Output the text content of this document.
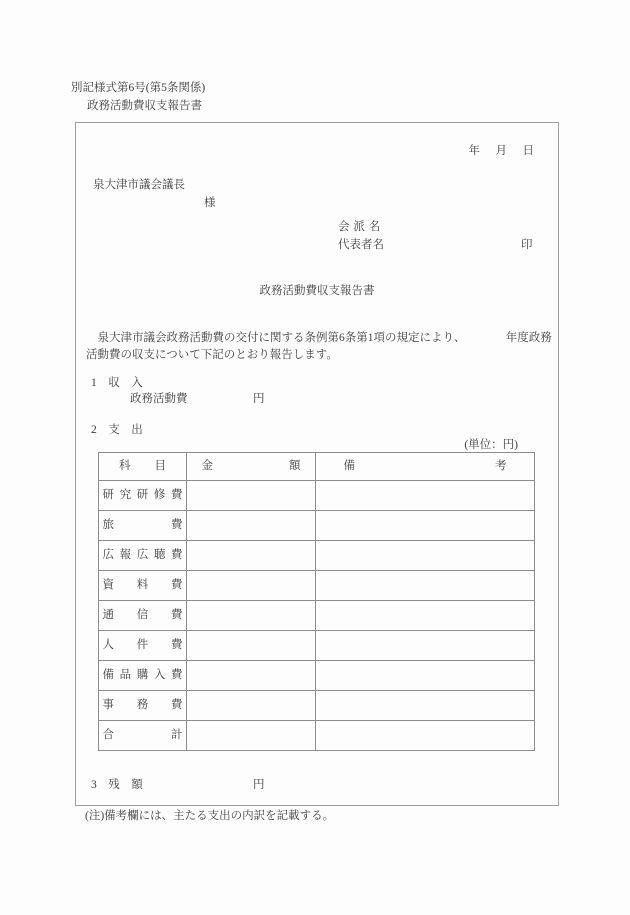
別記様式第6号(第5条関係)
政務活動費収支報告書
年　月　日
泉大津市議会議長
様
会 派 名
代表者名	印
政務活動費収支報告書
　泉大津市議会政務活動費の交付に関する条例第6条第1項の規定により、　　　　年度政務
活動費の収支について下記のとおり報告します。
1　収　入
政務活動費	円
2　支　出
(単位：円)
科 目	金 額	備 考

研 究 研 修 費		

旅 費		

広 報 広 聴 費		

資 料 費		

通 信 費		

人 件 費		

備 品 購 入 費		

事 務 費		

合 計		

3　残　額	円
(注)備考欄には、主たる支出の内訳を記載する。
